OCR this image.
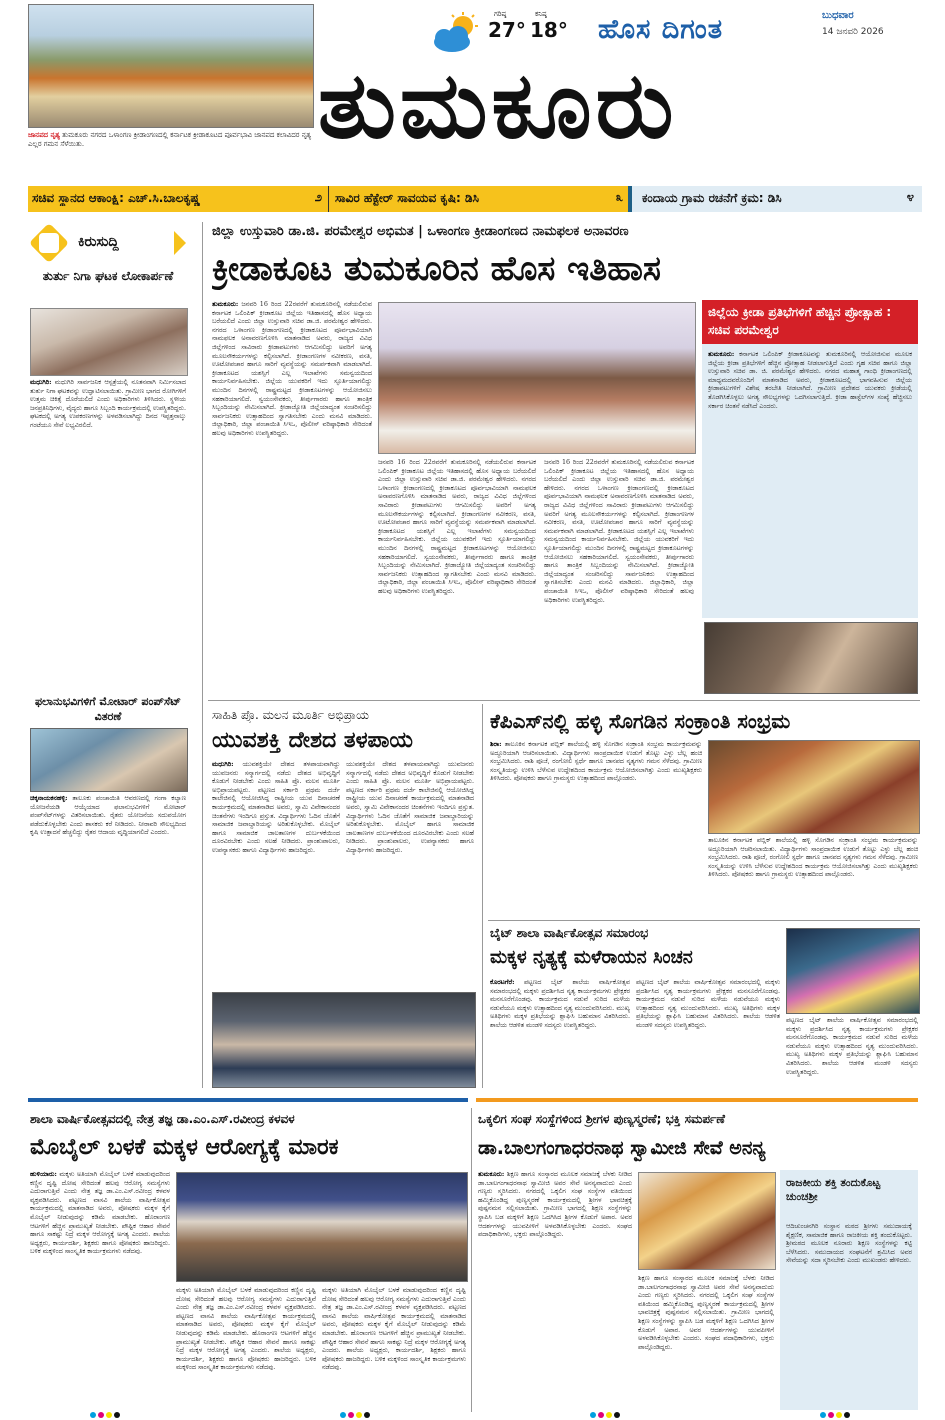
ಜಾನಪದ ನೃತ್ಯ ತುಮಕೂರು ನಗರದ ಒಳಾಂಗಣ ಕ್ರೀಡಾಂಗಣದಲ್ಲಿ ಕರ್ನಾಟಕ ಕ್ರೀಡಾಕೂಟದ ಪೂರ್ವಭಾವಿ ಜಾನಪದ ಕಲಾವಿದರ ನೃತ್ಯ ಎಲ್ಲರ ಗಮನ ಸೆಳೆಯಿತು.
ಗರಿಷ್ಠ
27°
ಕನಿಷ್ಠ
18° ಹೊಸ ದಿಗಂತ	ಬುಧವಾರ
14 ಜನವರಿ 2026
ತುಮಕೂರು
ಸಚಿವ ಸ್ಥಾನದ ಆಕಾಂಕ್ಷಿ: ಎಚ್.ಸಿ.ಬಾಲಕೃಷ್ಣ	೨ ಸಾವಿರ ಹೆಕ್ಟೇರ್ ಸಾವಯವ ಕೃಷಿ: ಡಿಸಿ	೩ ಕಂದಾಯ ಗ್ರಾಮ ರಚನೆಗೆ ಕ್ರಮ: ಡಿಸಿ	೪
ಕಿರುಸುದ್ದಿ
ತುರ್ತು ನಿಗಾ ಘಟಕ ಲೋಕಾರ್ಪಣೆ
ಮಧುಗಿರಿ: ಮಧುಗಿರಿ ಸಾರ್ವಜನಿಕ ಆಸ್ಪತ್ರೆಯಲ್ಲಿ ನೂತನವಾಗಿ ನಿರ್ಮಿಸಲಾದ ತುರ್ತು ನಿಗಾ ಘಟಕವನ್ನು ಉದ್ಘಾಟಿಸಲಾಯಿತು. ಗ್ರಾಮೀಣ ಭಾಗದ ರೋಗಿಗಳಿಗೆ ಉತ್ತಮ ಚಿಕಿತ್ಸೆ ದೊರೆಯಲಿದೆ ಎಂದು ಅಧಿಕಾರಿಗಳು ತಿಳಿಸಿದರು. ಸ್ಥಳೀಯ ಜನಪ್ರತಿನಿಧಿಗಳು, ವೈದ್ಯರು ಹಾಗೂ ಸಿಬ್ಬಂದಿ ಕಾರ್ಯಕ್ರಮದಲ್ಲಿ ಉಪಸ್ಥಿತರಿದ್ದರು. ಘಟಕದಲ್ಲಿ ಅಗತ್ಯ ಉಪಕರಣಗಳನ್ನು ಅಳವಡಿಸಲಾಗಿದ್ದು ದಿನದ ಇಪ್ಪತ್ತನಾಲ್ಕು ಗಂಟೆಯೂ ಸೇವೆ ಲಭ್ಯವಿರಲಿದೆ.
ಫಲಾನುಭವಿಗಳಿಗೆ ಮೋಟಾರ್ ಪಂಪ್‌ಸೆಟ್ ವಿತರಣೆ
ಚಿಕ್ಕನಾಯಕನಹಳ್ಳಿ: ತಾಲೂಕು ಪಂಚಾಯಿತಿ ಆವರಣದಲ್ಲಿ ಗಂಗಾ ಕಲ್ಯಾಣ ಯೋಜನೆಯಡಿ ಆಯ್ಕೆಯಾದ ಫಲಾನುಭವಿಗಳಿಗೆ ಮೋಟಾರ್ ಪಂಪ್‌ಸೆಟ್‌ಗಳನ್ನು ವಿತರಿಸಲಾಯಿತು. ರೈತರು ಯೋಜನೆಯ ಸದುಪಯೋಗ ಪಡೆದುಕೊಳ್ಳಬೇಕು ಎಂದು ಶಾಸಕರು ಕರೆ ನೀಡಿದರು. ನೀರಾವರಿ ಸೌಲಭ್ಯದಿಂದ ಕೃಷಿ ಉತ್ಪಾದನೆ ಹೆಚ್ಚಲಿದ್ದು ರೈತರ ಆದಾಯ ವೃದ್ಧಿಯಾಗಲಿದೆ ಎಂದರು.
ಜಿಲ್ಲಾ ಉಸ್ತುವಾರಿ ಡಾ.ಜಿ. ಪರಮೇಶ್ವರ ಅಭಿಮತ | ಒಳಾಂಗಣ ಕ್ರೀಡಾಂಗಣದ ನಾಮಫಲಕ ಅನಾವರಣ
ಕ್ರೀಡಾಕೂಟ ತುಮಕೂರಿನ ಹೊಸ ಇತಿಹಾಸ
ತುಮಕೂರು: ಜನವರಿ 16 ರಿಂದ 22ರವರೆಗೆ ತುಮಕೂರಿನಲ್ಲಿ ನಡೆಯಲಿರುವ ಕರ್ನಾಟಕ ಒಲಿಂಪಿಕ್ ಕ್ರೀಡಾಕೂಟ ಜಿಲ್ಲೆಯ ಇತಿಹಾಸದಲ್ಲಿ ಹೊಸ ಅಧ್ಯಾಯ ಬರೆಯಲಿದೆ ಎಂದು ಜಿಲ್ಲಾ ಉಸ್ತುವಾರಿ ಸಚಿವ ಡಾ.ಜಿ. ಪರಮೇಶ್ವರ ಹೇಳಿದರು. ನಗರದ ಒಳಾಂಗಣ ಕ್ರೀಡಾಂಗಣದಲ್ಲಿ ಕ್ರೀಡಾಕೂಟದ ಪೂರ್ವಭಾವಿಯಾಗಿ ನಾಮಫಲಕ ಅನಾವರಣಗೊಳಿಸಿ ಮಾತನಾಡಿದ ಅವರು, ರಾಜ್ಯದ ವಿವಿಧ ಜಿಲ್ಲೆಗಳಿಂದ ಸಾವಿರಾರು ಕ್ರೀಡಾಪಟುಗಳು ಆಗಮಿಸಲಿದ್ದು ಅವರಿಗೆ ಅಗತ್ಯ ಮೂಲಸೌಕರ್ಯಗಳನ್ನು ಕಲ್ಪಿಸಲಾಗಿದೆ. ಕ್ರೀಡಾಂಗಣಗಳ ನವೀಕರಣ, ವಸತಿ, ಊಟೋಪಚಾರ ಹಾಗೂ ಸಾರಿಗೆ ವ್ಯವಸ್ಥೆಯನ್ನು ಸಮರ್ಪಕವಾಗಿ ಮಾಡಲಾಗಿದೆ. ಕ್ರೀಡಾಕೂಟದ ಯಶಸ್ಸಿಗೆ ಎಲ್ಲ ಇಲಾಖೆಗಳು ಸಮನ್ವಯದಿಂದ ಕಾರ್ಯನಿರ್ವಹಿಸಬೇಕು. ಜಿಲ್ಲೆಯ ಯುವಕರಿಗೆ ಇದು ಸ್ಫೂರ್ತಿಯಾಗಲಿದ್ದು ಮುಂದಿನ ದಿನಗಳಲ್ಲಿ ರಾಷ್ಟ್ರಮಟ್ಟದ ಕ್ರೀಡಾಕೂಟಗಳನ್ನು ಆಯೋಜಿಸಲು ಸಹಕಾರಿಯಾಗಲಿದೆ. ಸ್ವಯಂಸೇವಕರು, ತೀರ್ಪುಗಾರರು ಹಾಗೂ ತಾಂತ್ರಿಕ ಸಿಬ್ಬಂದಿಯನ್ನು ನೇಮಿಸಲಾಗಿದೆ. ಕ್ರೀಡಾಜ್ಯೋತಿ ಜಿಲ್ಲೆಯಾದ್ಯಂತ ಸಂಚರಿಸಲಿದ್ದು ಸಾರ್ವಜನಿಕರು ಉತ್ಸಾಹದಿಂದ ಸ್ವಾಗತಿಸಬೇಕು ಎಂದು ಮನವಿ ಮಾಡಿದರು. ಜಿಲ್ಲಾಧಿಕಾರಿ, ಜಿಲ್ಲಾ ಪಂಚಾಯಿತಿ ಸಿಇಒ, ಪೊಲೀಸ್ ವರಿಷ್ಠಾಧಿಕಾರಿ ಸೇರಿದಂತೆ ಹಲವು ಅಧಿಕಾರಿಗಳು ಉಪಸ್ಥಿತರಿದ್ದರು.
ಜನವರಿ 16 ರಿಂದ 22ರವರೆಗೆ ತುಮಕೂರಿನಲ್ಲಿ ನಡೆಯಲಿರುವ ಕರ್ನಾಟಕ ಒಲಿಂಪಿಕ್ ಕ್ರೀಡಾಕೂಟ ಜಿಲ್ಲೆಯ ಇತಿಹಾಸದಲ್ಲಿ ಹೊಸ ಅಧ್ಯಾಯ ಬರೆಯಲಿದೆ ಎಂದು ಜಿಲ್ಲಾ ಉಸ್ತುವಾರಿ ಸಚಿವ ಡಾ.ಜಿ. ಪರಮೇಶ್ವರ ಹೇಳಿದರು. ನಗರದ ಒಳಾಂಗಣ ಕ್ರೀಡಾಂಗಣದಲ್ಲಿ ಕ್ರೀಡಾಕೂಟದ ಪೂರ್ವಭಾವಿಯಾಗಿ ನಾಮಫಲಕ ಅನಾವರಣಗೊಳಿಸಿ ಮಾತನಾಡಿದ ಅವರು, ರಾಜ್ಯದ ವಿವಿಧ ಜಿಲ್ಲೆಗಳಿಂದ ಸಾವಿರಾರು ಕ್ರೀಡಾಪಟುಗಳು ಆಗಮಿಸಲಿದ್ದು ಅವರಿಗೆ ಅಗತ್ಯ ಮೂಲಸೌಕರ್ಯಗಳನ್ನು ಕಲ್ಪಿಸಲಾಗಿದೆ. ಕ್ರೀಡಾಂಗಣಗಳ ನವೀಕರಣ, ವಸತಿ, ಊಟೋಪಚಾರ ಹಾಗೂ ಸಾರಿಗೆ ವ್ಯವಸ್ಥೆಯನ್ನು ಸಮರ್ಪಕವಾಗಿ ಮಾಡಲಾಗಿದೆ. ಕ್ರೀಡಾಕೂಟದ ಯಶಸ್ಸಿಗೆ ಎಲ್ಲ ಇಲಾಖೆಗಳು ಸಮನ್ವಯದಿಂದ ಕಾರ್ಯನಿರ್ವಹಿಸಬೇಕು. ಜಿಲ್ಲೆಯ ಯುವಕರಿಗೆ ಇದು ಸ್ಫೂರ್ತಿಯಾಗಲಿದ್ದು ಮುಂದಿನ ದಿನಗಳಲ್ಲಿ ರಾಷ್ಟ್ರಮಟ್ಟದ ಕ್ರೀಡಾಕೂಟಗಳನ್ನು ಆಯೋಜಿಸಲು ಸಹಕಾರಿಯಾಗಲಿದೆ. ಸ್ವಯಂಸೇವಕರು, ತೀರ್ಪುಗಾರರು ಹಾಗೂ ತಾಂತ್ರಿಕ ಸಿಬ್ಬಂದಿಯನ್ನು ನೇಮಿಸಲಾಗಿದೆ. ಕ್ರೀಡಾಜ್ಯೋತಿ ಜಿಲ್ಲೆಯಾದ್ಯಂತ ಸಂಚರಿಸಲಿದ್ದು ಸಾರ್ವಜನಿಕರು ಉತ್ಸಾಹದಿಂದ ಸ್ವಾಗತಿಸಬೇಕು ಎಂದು ಮನವಿ ಮಾಡಿದರು. ಜಿಲ್ಲಾಧಿಕಾರಿ, ಜಿಲ್ಲಾ ಪಂಚಾಯಿತಿ ಸಿಇಒ, ಪೊಲೀಸ್ ವರಿಷ್ಠಾಧಿಕಾರಿ ಸೇರಿದಂತೆ ಹಲವು ಅಧಿಕಾರಿಗಳು ಉಪಸ್ಥಿತರಿದ್ದರು.
ಜನವರಿ 16 ರಿಂದ 22ರವರೆಗೆ ತುಮಕೂರಿನಲ್ಲಿ ನಡೆಯಲಿರುವ ಕರ್ನಾಟಕ ಒಲಿಂಪಿಕ್ ಕ್ರೀಡಾಕೂಟ ಜಿಲ್ಲೆಯ ಇತಿಹಾಸದಲ್ಲಿ ಹೊಸ ಅಧ್ಯಾಯ ಬರೆಯಲಿದೆ ಎಂದು ಜಿಲ್ಲಾ ಉಸ್ತುವಾರಿ ಸಚಿವ ಡಾ.ಜಿ. ಪರಮೇಶ್ವರ ಹೇಳಿದರು. ನಗರದ ಒಳಾಂಗಣ ಕ್ರೀಡಾಂಗಣದಲ್ಲಿ ಕ್ರೀಡಾಕೂಟದ ಪೂರ್ವಭಾವಿಯಾಗಿ ನಾಮಫಲಕ ಅನಾವರಣಗೊಳಿಸಿ ಮಾತನಾಡಿದ ಅವರು, ರಾಜ್ಯದ ವಿವಿಧ ಜಿಲ್ಲೆಗಳಿಂದ ಸಾವಿರಾರು ಕ್ರೀಡಾಪಟುಗಳು ಆಗಮಿಸಲಿದ್ದು ಅವರಿಗೆ ಅಗತ್ಯ ಮೂಲಸೌಕರ್ಯಗಳನ್ನು ಕಲ್ಪಿಸಲಾಗಿದೆ. ಕ್ರೀಡಾಂಗಣಗಳ ನವೀಕರಣ, ವಸತಿ, ಊಟೋಪಚಾರ ಹಾಗೂ ಸಾರಿಗೆ ವ್ಯವಸ್ಥೆಯನ್ನು ಸಮರ್ಪಕವಾಗಿ ಮಾಡಲಾಗಿದೆ. ಕ್ರೀಡಾಕೂಟದ ಯಶಸ್ಸಿಗೆ ಎಲ್ಲ ಇಲಾಖೆಗಳು ಸಮನ್ವಯದಿಂದ ಕಾರ್ಯನಿರ್ವಹಿಸಬೇಕು. ಜಿಲ್ಲೆಯ ಯುವಕರಿಗೆ ಇದು ಸ್ಫೂರ್ತಿಯಾಗಲಿದ್ದು ಮುಂದಿನ ದಿನಗಳಲ್ಲಿ ರಾಷ್ಟ್ರಮಟ್ಟದ ಕ್ರೀಡಾಕೂಟಗಳನ್ನು ಆಯೋಜಿಸಲು ಸಹಕಾರಿಯಾಗಲಿದೆ. ಸ್ವಯಂಸೇವಕರು, ತೀರ್ಪುಗಾರರು ಹಾಗೂ ತಾಂತ್ರಿಕ ಸಿಬ್ಬಂದಿಯನ್ನು ನೇಮಿಸಲಾಗಿದೆ. ಕ್ರೀಡಾಜ್ಯೋತಿ ಜಿಲ್ಲೆಯಾದ್ಯಂತ ಸಂಚರಿಸಲಿದ್ದು ಸಾರ್ವಜನಿಕರು ಉತ್ಸಾಹದಿಂದ ಸ್ವಾಗತಿಸಬೇಕು ಎಂದು ಮನವಿ ಮಾಡಿದರು. ಜಿಲ್ಲಾಧಿಕಾರಿ, ಜಿಲ್ಲಾ ಪಂಚಾಯಿತಿ ಸಿಇಒ, ಪೊಲೀಸ್ ವರಿಷ್ಠಾಧಿಕಾರಿ ಸೇರಿದಂತೆ ಹಲವು ಅಧಿಕಾರಿಗಳು ಉಪಸ್ಥಿತರಿದ್ದರು.
ಜಿಲ್ಲೆಯ ಕ್ರೀಡಾ ಪ್ರತಿಭೆಗಳಿಗೆ ಹೆಚ್ಚಿನ ಪ್ರೋತ್ಸಾಹ : ಸಚಿವ ಪರಮೇಶ್ವರ
ತುಮಕೂರು: ಕರ್ನಾಟಕ ಒಲಿಂಪಿಕ್ ಕ್ರೀಡಾಕೂಟವನ್ನು ತುಮಕೂರಿನಲ್ಲಿ ಆಯೋಜಿಸುವ ಮೂಲಕ ಜಿಲ್ಲೆಯ ಕ್ರೀಡಾ ಪ್ರತಿಭೆಗಳಿಗೆ ಹೆಚ್ಚಿನ ಪ್ರೋತ್ಸಾಹ ನೀಡಲಾಗುತ್ತಿದೆ ಎಂದು ಗೃಹ ಸಚಿವ ಹಾಗೂ ಜಿಲ್ಲಾ ಉಸ್ತುವಾರಿ ಸಚಿವ ಡಾ. ಜಿ. ಪರಮೇಶ್ವರ ಹೇಳಿದರು. ನಗರದ ಮಹಾತ್ಮ ಗಾಂಧಿ ಕ್ರೀಡಾಂಗಣದಲ್ಲಿ ಮಾಧ್ಯಮದವರೊಂದಿಗೆ ಮಾತನಾಡಿದ ಅವರು, ಕ್ರೀಡಾಕೂಟದಲ್ಲಿ ಭಾಗವಹಿಸುವ ಜಿಲ್ಲೆಯ ಕ್ರೀಡಾಪಟುಗಳಿಗೆ ವಿಶೇಷ ತರಬೇತಿ ನೀಡಲಾಗಿದೆ. ಗ್ರಾಮೀಣ ಪ್ರದೇಶದ ಯುವಕರು ಕ್ರೀಡೆಯಲ್ಲಿ ತೊಡಗಿಸಿಕೊಳ್ಳಲು ಅಗತ್ಯ ಸೌಲಭ್ಯಗಳನ್ನು ಒದಗಿಸಲಾಗುತ್ತಿದೆ. ಕ್ರೀಡಾ ಹಾಸ್ಟೆಲ್‌ಗಳ ಸಂಖ್ಯೆ ಹೆಚ್ಚಿಸಲು ಸರ್ಕಾರ ಚಿಂತನೆ ನಡೆಸಿದೆ ಎಂದರು.
ಸಾಹಿತಿ ಪ್ರೊ. ಮಲನ ಮೂರ್ತಿ ಅಭಿಪ್ರಾಯ
ಯುವಶಕ್ತಿ ದೇಶದ ತಳಪಾಯ
ಮಧುಗಿರಿ: ಯುವಶಕ್ತಿಯೇ ದೇಶದ ತಳಪಾಯವಾಗಿದ್ದು ಯುವಜನರು ಸನ್ಮಾರ್ಗದಲ್ಲಿ ನಡೆದು ದೇಶದ ಅಭಿವೃದ್ಧಿಗೆ ಕೊಡುಗೆ ನೀಡಬೇಕು ಎಂದು ಸಾಹಿತಿ ಪ್ರೊ. ಮಲನ ಮೂರ್ತಿ ಅಭಿಪ್ರಾಯಪಟ್ಟರು. ಪಟ್ಟಣದ ಸರ್ಕಾರಿ ಪ್ರಥಮ ದರ್ಜೆ ಕಾಲೇಜಿನಲ್ಲಿ ಆಯೋಜಿಸಿದ್ದ ರಾಷ್ಟ್ರೀಯ ಯುವ ದಿನಾಚರಣೆ ಕಾರ್ಯಕ್ರಮದಲ್ಲಿ ಮಾತನಾಡಿದ ಅವರು, ಸ್ವಾಮಿ ವಿವೇಕಾನಂದರ ಚಿಂತನೆಗಳು ಇಂದಿಗೂ ಪ್ರಸ್ತುತ. ವಿದ್ಯಾರ್ಥಿಗಳು ಓದಿನ ಜೊತೆಗೆ ಸಾಮಾಜಿಕ ಜವಾಬ್ದಾರಿಯನ್ನು ಅರಿತುಕೊಳ್ಳಬೇಕು. ಮೊಬೈಲ್ ಹಾಗೂ ಸಾಮಾಜಿಕ ಜಾಲತಾಣಗಳ ದುರ್ಬಳಕೆಯಿಂದ ದೂರವಿರಬೇಕು ಎಂದು ಸಲಹೆ ನೀಡಿದರು. ಪ್ರಾಂಶುಪಾಲರು, ಉಪನ್ಯಾಸಕರು ಹಾಗೂ ವಿದ್ಯಾರ್ಥಿಗಳು ಹಾಜರಿದ್ದರು.
ಯುವಶಕ್ತಿಯೇ ದೇಶದ ತಳಪಾಯವಾಗಿದ್ದು ಯುವಜನರು ಸನ್ಮಾರ್ಗದಲ್ಲಿ ನಡೆದು ದೇಶದ ಅಭಿವೃದ್ಧಿಗೆ ಕೊಡುಗೆ ನೀಡಬೇಕು ಎಂದು ಸಾಹಿತಿ ಪ್ರೊ. ಮಲನ ಮೂರ್ತಿ ಅಭಿಪ್ರಾಯಪಟ್ಟರು. ಪಟ್ಟಣದ ಸರ್ಕಾರಿ ಪ್ರಥಮ ದರ್ಜೆ ಕಾಲೇಜಿನಲ್ಲಿ ಆಯೋಜಿಸಿದ್ದ ರಾಷ್ಟ್ರೀಯ ಯುವ ದಿನಾಚರಣೆ ಕಾರ್ಯಕ್ರಮದಲ್ಲಿ ಮಾತನಾಡಿದ ಅವರು, ಸ್ವಾಮಿ ವಿವೇಕಾನಂದರ ಚಿಂತನೆಗಳು ಇಂದಿಗೂ ಪ್ರಸ್ತುತ. ವಿದ್ಯಾರ್ಥಿಗಳು ಓದಿನ ಜೊತೆಗೆ ಸಾಮಾಜಿಕ ಜವಾಬ್ದಾರಿಯನ್ನು ಅರಿತುಕೊಳ್ಳಬೇಕು. ಮೊಬೈಲ್ ಹಾಗೂ ಸಾಮಾಜಿಕ ಜಾಲತಾಣಗಳ ದುರ್ಬಳಕೆಯಿಂದ ದೂರವಿರಬೇಕು ಎಂದು ಸಲಹೆ ನೀಡಿದರು. ಪ್ರಾಂಶುಪಾಲರು, ಉಪನ್ಯಾಸಕರು ಹಾಗೂ ವಿದ್ಯಾರ್ಥಿಗಳು ಹಾಜರಿದ್ದರು.
ಕೆಪಿಎಸ್‌ನಲ್ಲಿ ಹಳ್ಳಿ ಸೊಗಡಿನ ಸಂಕ್ರಾಂತಿ ಸಂಭ್ರಮ
ಶಿರಾ: ತಾಲೂಕಿನ ಕರ್ನಾಟಕ ಪಬ್ಲಿಕ್ ಶಾಲೆಯಲ್ಲಿ ಹಳ್ಳಿ ಸೊಗಡಿನ ಸಂಕ್ರಾಂತಿ ಸಂಭ್ರಮ ಕಾರ್ಯಕ್ರಮವನ್ನು ಅದ್ದೂರಿಯಾಗಿ ಆಚರಿಸಲಾಯಿತು. ವಿದ್ಯಾರ್ಥಿಗಳು ಸಾಂಪ್ರದಾಯಿಕ ಉಡುಗೆ ತೊಟ್ಟು ಎಳ್ಳು ಬೆಲ್ಲ ಹಂಚಿ ಸಂಭ್ರಮಿಸಿದರು. ರಾಶಿ ಪೂಜೆ, ರಂಗೋಲಿ ಸ್ಪರ್ಧೆ ಹಾಗೂ ಜಾನಪದ ನೃತ್ಯಗಳು ಗಮನ ಸೆಳೆದವು. ಗ್ರಾಮೀಣ ಸಂಸ್ಕೃತಿಯನ್ನು ಉಳಿಸಿ ಬೆಳೆಸುವ ಉದ್ದೇಶದಿಂದ ಕಾರ್ಯಕ್ರಮ ಆಯೋಜಿಸಲಾಗಿತ್ತು ಎಂದು ಮುಖ್ಯಶಿಕ್ಷಕರು ತಿಳಿಸಿದರು. ಪೋಷಕರು ಹಾಗೂ ಗ್ರಾಮಸ್ಥರು ಉತ್ಸಾಹದಿಂದ ಪಾಲ್ಗೊಂಡರು.
ತಾಲೂಕಿನ ಕರ್ನಾಟಕ ಪಬ್ಲಿಕ್ ಶಾಲೆಯಲ್ಲಿ ಹಳ್ಳಿ ಸೊಗಡಿನ ಸಂಕ್ರಾಂತಿ ಸಂಭ್ರಮ ಕಾರ್ಯಕ್ರಮವನ್ನು ಅದ್ದೂರಿಯಾಗಿ ಆಚರಿಸಲಾಯಿತು. ವಿದ್ಯಾರ್ಥಿಗಳು ಸಾಂಪ್ರದಾಯಿಕ ಉಡುಗೆ ತೊಟ್ಟು ಎಳ್ಳು ಬೆಲ್ಲ ಹಂಚಿ ಸಂಭ್ರಮಿಸಿದರು. ರಾಶಿ ಪೂಜೆ, ರಂಗೋಲಿ ಸ್ಪರ್ಧೆ ಹಾಗೂ ಜಾನಪದ ನೃತ್ಯಗಳು ಗಮನ ಸೆಳೆದವು. ಗ್ರಾಮೀಣ ಸಂಸ್ಕೃತಿಯನ್ನು ಉಳಿಸಿ ಬೆಳೆಸುವ ಉದ್ದೇಶದಿಂದ ಕಾರ್ಯಕ್ರಮ ಆಯೋಜಿಸಲಾಗಿತ್ತು ಎಂದು ಮುಖ್ಯಶಿಕ್ಷಕರು ತಿಳಿಸಿದರು. ಪೋಷಕರು ಹಾಗೂ ಗ್ರಾಮಸ್ಥರು ಉತ್ಸಾಹದಿಂದ ಪಾಲ್ಗೊಂಡರು.
ಬೈಟ್ ಶಾಲಾ ವಾರ್ಷಿಕೋತ್ಸವ ಸಮಾರಂಭ
ಮಕ್ಕಳ ನೃತ್ಯಕ್ಕೆ ಮಳೆರಾಯನ ಸಿಂಚನ
ಕೊರಟಗೆರೆ: ಪಟ್ಟಣದ ಬೈಟ್ ಶಾಲೆಯ ವಾರ್ಷಿಕೋತ್ಸವ ಸಮಾರಂಭದಲ್ಲಿ ಮಕ್ಕಳು ಪ್ರದರ್ಶಿಸಿದ ನೃತ್ಯ ಕಾರ್ಯಕ್ರಮಗಳು ಪ್ರೇಕ್ಷಕರ ಮನಸೂರೆಗೊಂಡವು. ಕಾರ್ಯಕ್ರಮದ ನಡುವೆ ಸುರಿದ ಮಳೆಯ ನಡುವೆಯೂ ಮಕ್ಕಳು ಉತ್ಸಾಹದಿಂದ ನೃತ್ಯ ಮುಂದುವರಿಸಿದರು. ಮುಖ್ಯ ಅತಿಥಿಗಳು ಮಕ್ಕಳ ಪ್ರತಿಭೆಯನ್ನು ಶ್ಲಾಘಿಸಿ ಬಹುಮಾನ ವಿತರಿಸಿದರು. ಶಾಲೆಯ ಆಡಳಿತ ಮಂಡಳಿ ಸದಸ್ಯರು ಉಪಸ್ಥಿತರಿದ್ದರು.
ಪಟ್ಟಣದ ಬೈಟ್ ಶಾಲೆಯ ವಾರ್ಷಿಕೋತ್ಸವ ಸಮಾರಂಭದಲ್ಲಿ ಮಕ್ಕಳು ಪ್ರದರ್ಶಿಸಿದ ನೃತ್ಯ ಕಾರ್ಯಕ್ರಮಗಳು ಪ್ರೇಕ್ಷಕರ ಮನಸೂರೆಗೊಂಡವು. ಕಾರ್ಯಕ್ರಮದ ನಡುವೆ ಸುರಿದ ಮಳೆಯ ನಡುವೆಯೂ ಮಕ್ಕಳು ಉತ್ಸಾಹದಿಂದ ನೃತ್ಯ ಮುಂದುವರಿಸಿದರು. ಮುಖ್ಯ ಅತಿಥಿಗಳು ಮಕ್ಕಳ ಪ್ರತಿಭೆಯನ್ನು ಶ್ಲಾಘಿಸಿ ಬಹುಮಾನ ವಿತರಿಸಿದರು. ಶಾಲೆಯ ಆಡಳಿತ ಮಂಡಳಿ ಸದಸ್ಯರು ಉಪಸ್ಥಿತರಿದ್ದರು.
ಪಟ್ಟಣದ ಬೈಟ್ ಶಾಲೆಯ ವಾರ್ಷಿಕೋತ್ಸವ ಸಮಾರಂಭದಲ್ಲಿ ಮಕ್ಕಳು ಪ್ರದರ್ಶಿಸಿದ ನೃತ್ಯ ಕಾರ್ಯಕ್ರಮಗಳು ಪ್ರೇಕ್ಷಕರ ಮನಸೂರೆಗೊಂಡವು. ಕಾರ್ಯಕ್ರಮದ ನಡುವೆ ಸುರಿದ ಮಳೆಯ ನಡುವೆಯೂ ಮಕ್ಕಳು ಉತ್ಸಾಹದಿಂದ ನೃತ್ಯ ಮುಂದುವರಿಸಿದರು. ಮುಖ್ಯ ಅತಿಥಿಗಳು ಮಕ್ಕಳ ಪ್ರತಿಭೆಯನ್ನು ಶ್ಲಾಘಿಸಿ ಬಹುಮಾನ ವಿತರಿಸಿದರು. ಶಾಲೆಯ ಆಡಳಿತ ಮಂಡಳಿ ಸದಸ್ಯರು ಉಪಸ್ಥಿತರಿದ್ದರು.
ಶಾಲಾ ವಾರ್ಷಿಕೋತ್ಸವದಲ್ಲಿ ನೇತ್ರ ತಜ್ಞ ಡಾ.ಎಂ.ಎಸ್.ರವೀಂದ್ರ ಕಳವಳ
ಮೊಬೈಲ್ ಬಳಕೆ ಮಕ್ಕಳ ಆರೋಗ್ಯಕ್ಕೆ ಮಾರಕ
ಹುಳಿಯಾರು: ಮಕ್ಕಳು ಅತಿಯಾಗಿ ಮೊಬೈಲ್ ಬಳಕೆ ಮಾಡುವುದರಿಂದ ಕಣ್ಣಿನ ದೃಷ್ಟಿ ದೋಷ ಸೇರಿದಂತೆ ಹಲವು ಆರೋಗ್ಯ ಸಮಸ್ಯೆಗಳು ಎದುರಾಗುತ್ತಿವೆ ಎಂದು ನೇತ್ರ ತಜ್ಞ ಡಾ.ಎಂ.ಎಸ್.ರವೀಂದ್ರ ಕಳವಳ ವ್ಯಕ್ತಪಡಿಸಿದರು. ಪಟ್ಟಣದ ವಾಸವಿ ಶಾಲೆಯ ವಾರ್ಷಿಕೋತ್ಸವ ಕಾರ್ಯಕ್ರಮದಲ್ಲಿ ಮಾತನಾಡಿದ ಅವರು, ಪೋಷಕರು ಮಕ್ಕಳ ಕೈಗೆ ಮೊಬೈಲ್ ನೀಡುವುದನ್ನು ಕಡಿಮೆ ಮಾಡಬೇಕು. ಹೊರಾಂಗಣ ಆಟಗಳಿಗೆ ಹೆಚ್ಚಿನ ಪ್ರಾಮುಖ್ಯತೆ ನೀಡಬೇಕು. ಪೌಷ್ಟಿಕ ಆಹಾರ ಸೇವನೆ ಹಾಗೂ ಸಾಕಷ್ಟು ನಿದ್ರೆ ಮಕ್ಕಳ ಆರೋಗ್ಯಕ್ಕೆ ಅಗತ್ಯ ಎಂದರು. ಶಾಲೆಯ ಅಧ್ಯಕ್ಷರು, ಕಾರ್ಯದರ್ಶಿ, ಶಿಕ್ಷಕರು ಹಾಗೂ ಪೋಷಕರು ಹಾಜರಿದ್ದರು. ಬಳಿಕ ಮಕ್ಕಳಿಂದ ಸಾಂಸ್ಕೃತಿಕ ಕಾರ್ಯಕ್ರಮಗಳು ನಡೆದವು.
ಮಕ್ಕಳು ಅತಿಯಾಗಿ ಮೊಬೈಲ್ ಬಳಕೆ ಮಾಡುವುದರಿಂದ ಕಣ್ಣಿನ ದೃಷ್ಟಿ ದೋಷ ಸೇರಿದಂತೆ ಹಲವು ಆರೋಗ್ಯ ಸಮಸ್ಯೆಗಳು ಎದುರಾಗುತ್ತಿವೆ ಎಂದು ನೇತ್ರ ತಜ್ಞ ಡಾ.ಎಂ.ಎಸ್.ರವೀಂದ್ರ ಕಳವಳ ವ್ಯಕ್ತಪಡಿಸಿದರು. ಪಟ್ಟಣದ ವಾಸವಿ ಶಾಲೆಯ ವಾರ್ಷಿಕೋತ್ಸವ ಕಾರ್ಯಕ್ರಮದಲ್ಲಿ ಮಾತನಾಡಿದ ಅವರು, ಪೋಷಕರು ಮಕ್ಕಳ ಕೈಗೆ ಮೊಬೈಲ್ ನೀಡುವುದನ್ನು ಕಡಿಮೆ ಮಾಡಬೇಕು. ಹೊರಾಂಗಣ ಆಟಗಳಿಗೆ ಹೆಚ್ಚಿನ ಪ್ರಾಮುಖ್ಯತೆ ನೀಡಬೇಕು. ಪೌಷ್ಟಿಕ ಆಹಾರ ಸೇವನೆ ಹಾಗೂ ಸಾಕಷ್ಟು ನಿದ್ರೆ ಮಕ್ಕಳ ಆರೋಗ್ಯಕ್ಕೆ ಅಗತ್ಯ ಎಂದರು. ಶಾಲೆಯ ಅಧ್ಯಕ್ಷರು, ಕಾರ್ಯದರ್ಶಿ, ಶಿಕ್ಷಕರು ಹಾಗೂ ಪೋಷಕರು ಹಾಜರಿದ್ದರು. ಬಳಿಕ ಮಕ್ಕಳಿಂದ ಸಾಂಸ್ಕೃತಿಕ ಕಾರ್ಯಕ್ರಮಗಳು ನಡೆದವು.
ಮಕ್ಕಳು ಅತಿಯಾಗಿ ಮೊಬೈಲ್ ಬಳಕೆ ಮಾಡುವುದರಿಂದ ಕಣ್ಣಿನ ದೃಷ್ಟಿ ದೋಷ ಸೇರಿದಂತೆ ಹಲವು ಆರೋಗ್ಯ ಸಮಸ್ಯೆಗಳು ಎದುರಾಗುತ್ತಿವೆ ಎಂದು ನೇತ್ರ ತಜ್ಞ ಡಾ.ಎಂ.ಎಸ್.ರವೀಂದ್ರ ಕಳವಳ ವ್ಯಕ್ತಪಡಿಸಿದರು. ಪಟ್ಟಣದ ವಾಸವಿ ಶಾಲೆಯ ವಾರ್ಷಿಕೋತ್ಸವ ಕಾರ್ಯಕ್ರಮದಲ್ಲಿ ಮಾತನಾಡಿದ ಅವರು, ಪೋಷಕರು ಮಕ್ಕಳ ಕೈಗೆ ಮೊಬೈಲ್ ನೀಡುವುದನ್ನು ಕಡಿಮೆ ಮಾಡಬೇಕು. ಹೊರಾಂಗಣ ಆಟಗಳಿಗೆ ಹೆಚ್ಚಿನ ಪ್ರಾಮುಖ್ಯತೆ ನೀಡಬೇಕು. ಪೌಷ್ಟಿಕ ಆಹಾರ ಸೇವನೆ ಹಾಗೂ ಸಾಕಷ್ಟು ನಿದ್ರೆ ಮಕ್ಕಳ ಆರೋಗ್ಯಕ್ಕೆ ಅಗತ್ಯ ಎಂದರು. ಶಾಲೆಯ ಅಧ್ಯಕ್ಷರು, ಕಾರ್ಯದರ್ಶಿ, ಶಿಕ್ಷಕರು ಹಾಗೂ ಪೋಷಕರು ಹಾಜರಿದ್ದರು. ಬಳಿಕ ಮಕ್ಕಳಿಂದ ಸಾಂಸ್ಕೃತಿಕ ಕಾರ್ಯಕ್ರಮಗಳು ನಡೆದವು.
ಒಕ್ಕಲಿಗ ಸಂಘ ಸಂಸ್ಥೆಗಳಿಂದ ಶ್ರೀಗಳ ಪುಣ್ಯಸ್ಮರಣೆ; ಭಕ್ತಿ ಸಮರ್ಪಣೆ
ಡಾ.ಬಾಲಗಂಗಾಧರನಾಥ ಸ್ವಾಮೀಜಿ ಸೇವೆ ಅನನ್ಯ
ತುಮಕೂರು: ಶಿಕ್ಷಣ ಹಾಗೂ ಸಂಸ್ಕಾರದ ಮೂಲಕ ಸಮಾಜಕ್ಕೆ ಬೆಳಕು ನೀಡಿದ ಡಾ.ಬಾಲಗಂಗಾಧರನಾಥ ಸ್ವಾಮೀಜಿ ಅವರ ಸೇವೆ ಅನನ್ಯವಾದುದು ಎಂದು ಗಣ್ಯರು ಸ್ಮರಿಸಿದರು. ನಗರದಲ್ಲಿ ಒಕ್ಕಲಿಗ ಸಂಘ ಸಂಸ್ಥೆಗಳ ವತಿಯಿಂದ ಹಮ್ಮಿಕೊಂಡಿದ್ದ ಪುಣ್ಯಸ್ಮರಣೆ ಕಾರ್ಯಕ್ರಮದಲ್ಲಿ ಶ್ರೀಗಳ ಭಾವಚಿತ್ರಕ್ಕೆ ಪುಷ್ಪನಮನ ಸಲ್ಲಿಸಲಾಯಿತು. ಗ್ರಾಮೀಣ ಭಾಗದಲ್ಲಿ ಶಿಕ್ಷಣ ಸಂಸ್ಥೆಗಳನ್ನು ಸ್ಥಾಪಿಸಿ ಬಡ ಮಕ್ಕಳಿಗೆ ಶಿಕ್ಷಣ ಒದಗಿಸಿದ ಶ್ರೀಗಳ ಕೊಡುಗೆ ಅಪಾರ. ಅವರ ಆದರ್ಶಗಳನ್ನು ಯುವಪೀಳಿಗೆ ಅಳವಡಿಸಿಕೊಳ್ಳಬೇಕು ಎಂದರು. ಸಂಘದ ಪದಾಧಿಕಾರಿಗಳು, ಭಕ್ತರು ಪಾಲ್ಗೊಂಡಿದ್ದರು.
ಶಿಕ್ಷಣ ಹಾಗೂ ಸಂಸ್ಕಾರದ ಮೂಲಕ ಸಮಾಜಕ್ಕೆ ಬೆಳಕು ನೀಡಿದ ಡಾ.ಬಾಲಗಂಗಾಧರನಾಥ ಸ್ವಾಮೀಜಿ ಅವರ ಸೇವೆ ಅನನ್ಯವಾದುದು ಎಂದು ಗಣ್ಯರು ಸ್ಮರಿಸಿದರು. ನಗರದಲ್ಲಿ ಒಕ್ಕಲಿಗ ಸಂಘ ಸಂಸ್ಥೆಗಳ ವತಿಯಿಂದ ಹಮ್ಮಿಕೊಂಡಿದ್ದ ಪುಣ್ಯಸ್ಮರಣೆ ಕಾರ್ಯಕ್ರಮದಲ್ಲಿ ಶ್ರೀಗಳ ಭಾವಚಿತ್ರಕ್ಕೆ ಪುಷ್ಪನಮನ ಸಲ್ಲಿಸಲಾಯಿತು. ಗ್ರಾಮೀಣ ಭಾಗದಲ್ಲಿ ಶಿಕ್ಷಣ ಸಂಸ್ಥೆಗಳನ್ನು ಸ್ಥಾಪಿಸಿ ಬಡ ಮಕ್ಕಳಿಗೆ ಶಿಕ್ಷಣ ಒದಗಿಸಿದ ಶ್ರೀಗಳ ಕೊಡುಗೆ ಅಪಾರ. ಅವರ ಆದರ್ಶಗಳನ್ನು ಯುವಪೀಳಿಗೆ ಅಳವಡಿಸಿಕೊಳ್ಳಬೇಕು ಎಂದರು. ಸಂಘದ ಪದಾಧಿಕಾರಿಗಳು, ಭಕ್ತರು ಪಾಲ್ಗೊಂಡಿದ್ದರು.
ರಾಜಕೀಯ ಶಕ್ತಿ ತಂದುಕೊಟ್ಟ ಚುಂಚಶ್ರೀ
ಆದಿಚುಂಚನಗಿರಿ ಸಂಸ್ಥಾನ ಮಠದ ಶ್ರೀಗಳು ಸಮುದಾಯಕ್ಕೆ ಶೈಕ್ಷಣಿಕ, ಸಾಮಾಜಿಕ ಹಾಗೂ ರಾಜಕೀಯ ಶಕ್ತಿ ತಂದುಕೊಟ್ಟರು. ಶ್ರೀಮಠದ ಮೂಲಕ ನೂರಾರು ಶಿಕ್ಷಣ ಸಂಸ್ಥೆಗಳನ್ನು ಕಟ್ಟಿ ಬೆಳೆಸಿದರು. ಸಮುದಾಯದ ಸಂಘಟನೆಗೆ ಶ್ರಮಿಸಿದ ಅವರ ಸೇವೆಯನ್ನು ಸದಾ ಸ್ಮರಿಸಬೇಕು ಎಂದು ಮುಖಂಡರು ಹೇಳಿದರು.
